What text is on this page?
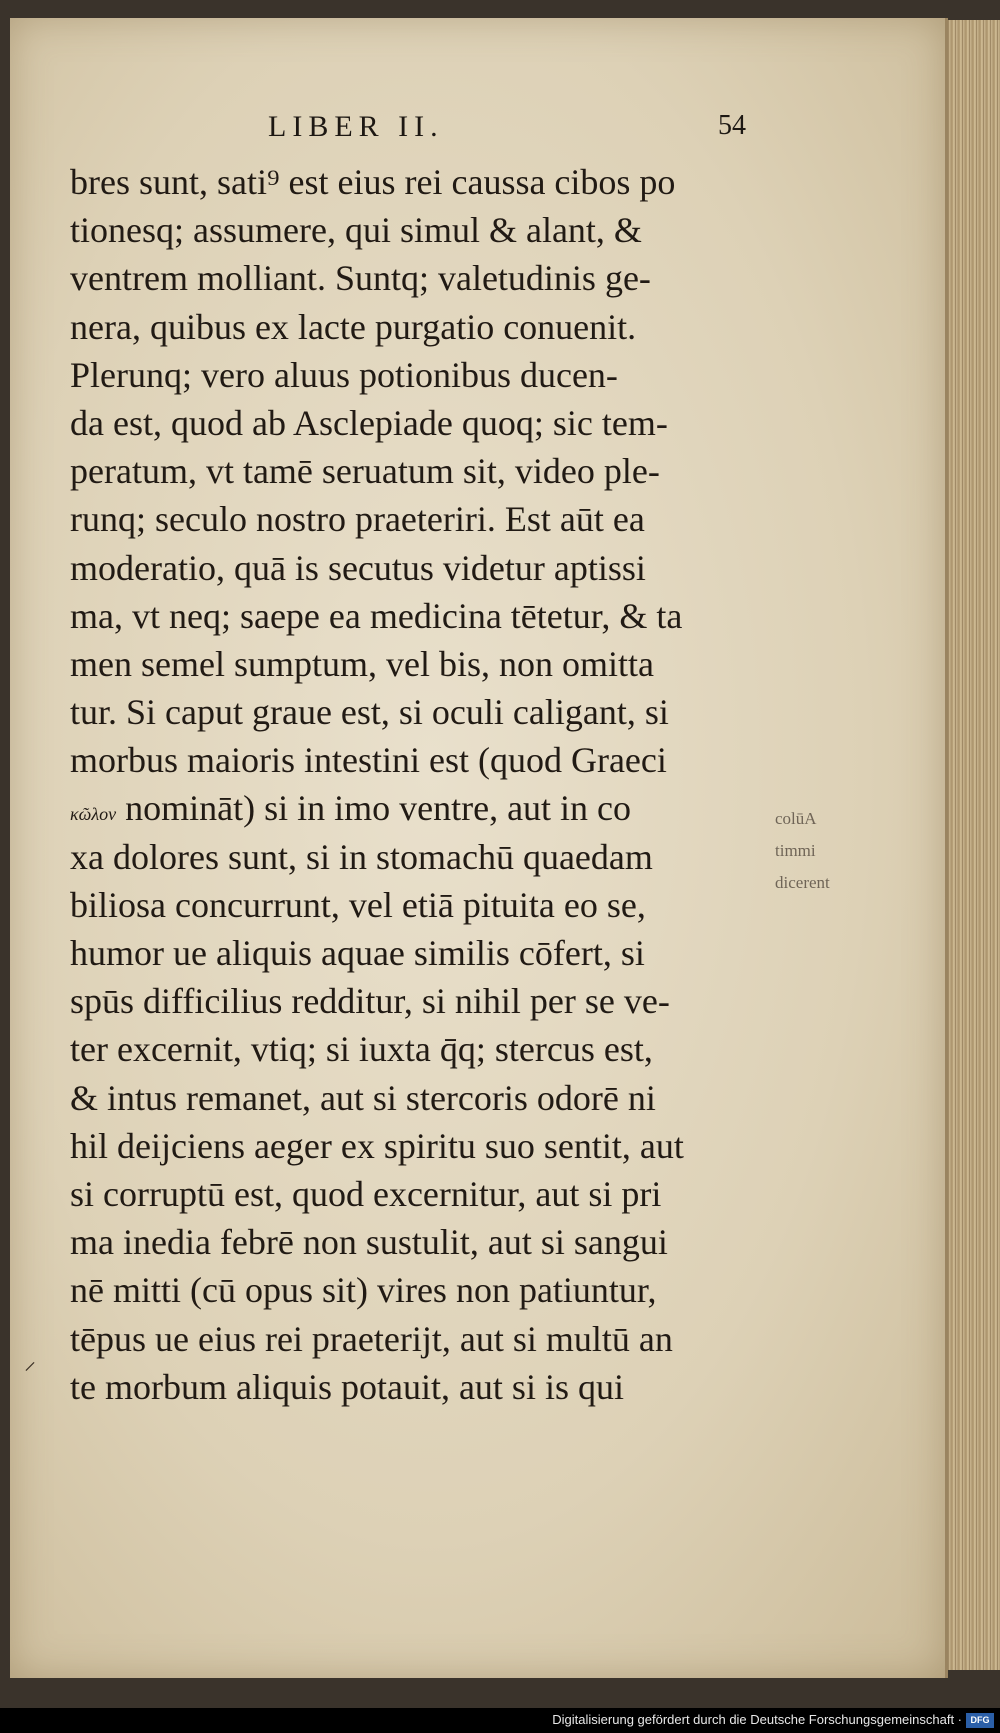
LIBER II.	54
bres sunt, sati⁹ est eius rei caussa cibos po
tionesq; assumere, qui simul & alant, &
ventrem molliant. Suntq; valetudinis ge-
nera, quibus ex lacte purgatio conuenit.
Plerunq; vero aluus potionibus ducen-
da est, quod ab Asclepiade quoq; sic tem-
peratum, vt tamē seruatum sit, video ple-
runq; seculo nostro praeteriri. Est aūt ea
moderatio, quā is secutus videtur aptissi
ma, vt neq; saepe ea medicina tētetur, & ta
men semel sumptum, vel bis, non omitta
tur. Si caput graue est, si oculi caligant, si
morbus maioris intestini est (quod Graeci
κῶλον nomināt) si in imo ventre, aut in co
xa dolores sunt, si in stomachū quaedam
biliosa concurrunt, vel etiā pituita eo se,
humor ue aliquis aquae similis cōfert, si
spūs difficilius redditur, si nihil per se ve-
ter excernit, vtiq; si iuxta q̄q; stercus est,
& intus remanet, aut si stercoris odorē ni
hil deijciens aeger ex spiritu suo sentit, aut
si corruptū est, quod excernitur, aut si pri
ma inedia febrē non sustulit, aut si sangui
nē mitti (cū opus sit) vires non patiuntur,
tēpus ue eius rei praeterijt, aut si multū an
te morbum aliquis potauit, aut si is qui
colūA
timmi
dicerent
⸝
Digitalisierung gefördert durch die Deutsche Forschungsgemeinschaft · DFG
